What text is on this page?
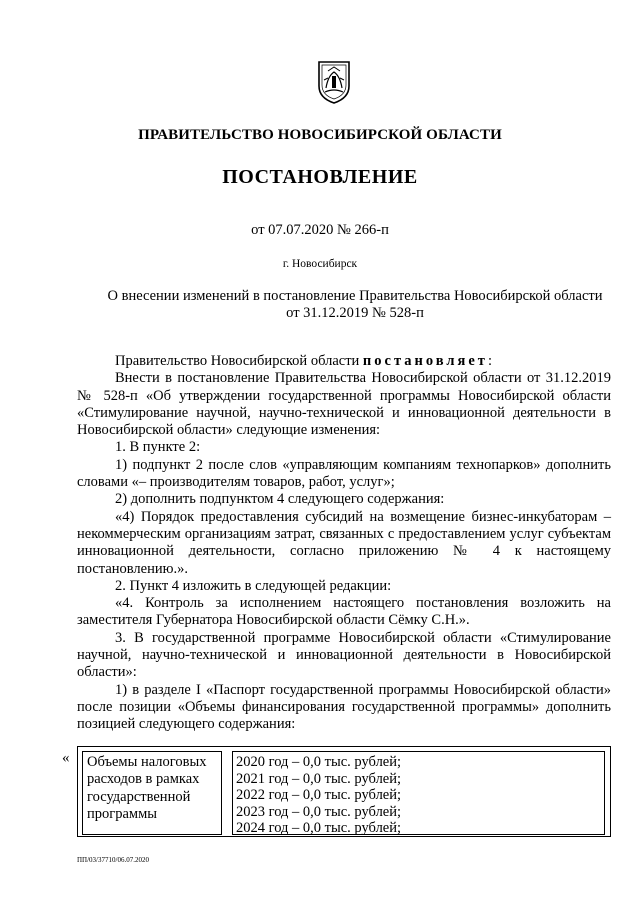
ПРАВИТЕЛЬСТВО НОВОСИБИРСКОЙ ОБЛАСТИ
ПОСТАНОВЛЕНИЕ
от 07.07.2020 № 266-п
г. Новосибирск
О внесении изменений в постановление Правительства Новосибирской области
от 31.12.2019 № 528-п

Правительство Новосибирской области постановляет:

Внести в постановление Правительства Новосибирской области от 31.12.2019 № 528-п «Об утверждении государственной программы Новосибирской области «Стимулирование научной, научно-технической и инновационной деятельности в Новосибирской области» следующие изменения:

1. В пункте 2:

1) подпункт 2 после слов «управляющим компаниям технопарков» дополнить словами «– производителям товаров, работ, услуг»;

2) дополнить подпунктом 4 следующего содержания:

«4) Порядок предоставления субсидий на возмещение бизнес-инкубаторам – некоммерческим организациям затрат, связанных с предоставлением услуг субъектам инновационной деятельности, согласно приложению № 4 к настоящему постановлению.».

2. Пункт 4 изложить в следующей редакции:

«4. Контроль за исполнением настоящего постановления возложить на заместителя Губернатора Новосибирской области Сёмку С.Н.».

3. В государственной программе Новосибирской области «Стимулирование научной, научно-технической и инновационной деятельности в Новосибирской области»:

1) в разделе I «Паспорт государственной программы Новосибирской области» после позиции «Объемы финансирования государственной программы» дополнить позицией следующего содержания:

«	Объемы налоговых расходов в рамках государственной программы
2020 год – 0,0 тыс. рублей;
2021 год – 0,0 тыс. рублей;
2022 год – 0,0 тыс. рублей;
2023 год – 0,0 тыс. рублей;
2024 год – 0,0 тыс. рублей;
ПП/03/37710/06.07.2020
